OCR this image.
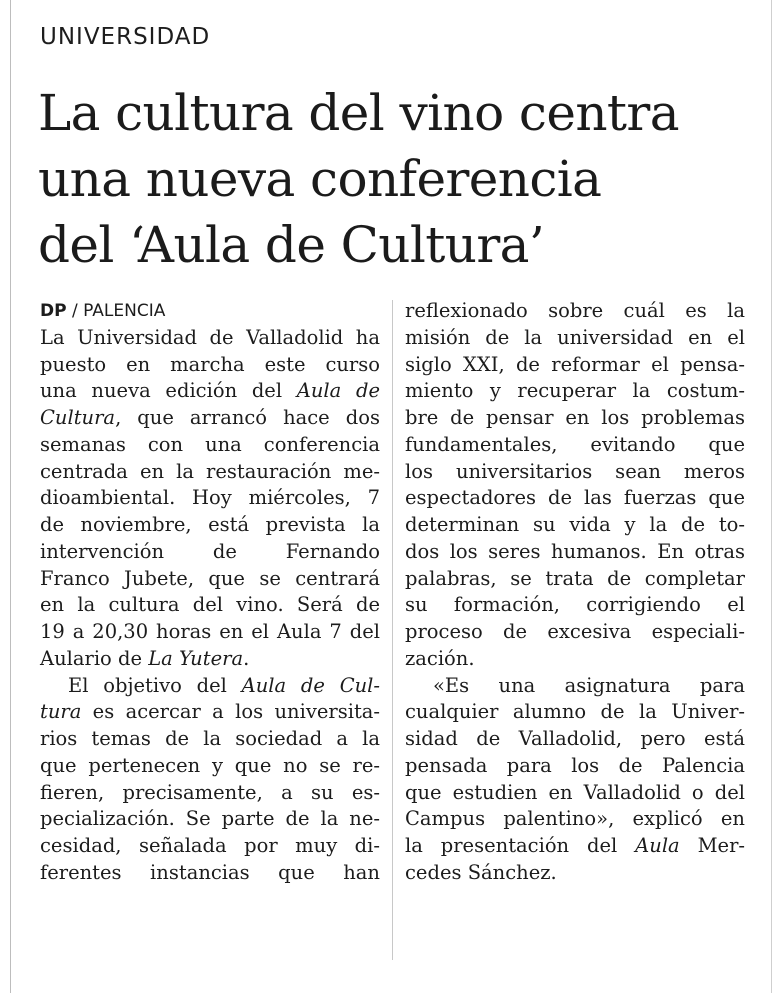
UNIVERSIDAD
La cultura del vino centra
una nueva conferencia
del ‘Aula de Cultura’
DP / PALENCIA
La Universidad de Valladolid ha
puesto en marcha este curso
una nueva edición del Aula de
Cultura, que arrancó hace dos
semanas con una conferencia
centrada en la restauración me-
dioambiental. Hoy miércoles, 7
de noviembre, está prevista la
intervención de Fernando
Franco Jubete, que se centrará
en la cultura del vino. Será de
19 a 20,30 horas en el Aula 7 del
Aulario de La Yutera.
El objetivo del Aula de Cul-
tura es acercar a los universita-
rios temas de la sociedad a la
que pertenecen y que no se re-
fieren, precisamente, a su es-
pecialización. Se parte de la ne-
cesidad, señalada por muy di-
ferentes instancias que han
reflexionado sobre cuál es la
misión de la universidad en el
siglo XXI, de reformar el pensa-
miento y recuperar la costum-
bre de pensar en los problemas
fundamentales, evitando que
los universitarios sean meros
espectadores de las fuerzas que
determinan su vida y la de to-
dos los seres humanos. En otras
palabras, se trata de completar
su formación, corrigiendo el
proceso de excesiva especiali-
zación.
«Es una asignatura para
cualquier alumno de la Univer-
sidad de Valladolid, pero está
pensada para los de Palencia
que estudien en Valladolid o del
Campus palentino», explicó en
la presentación del Aula Mer-
cedes Sánchez.
